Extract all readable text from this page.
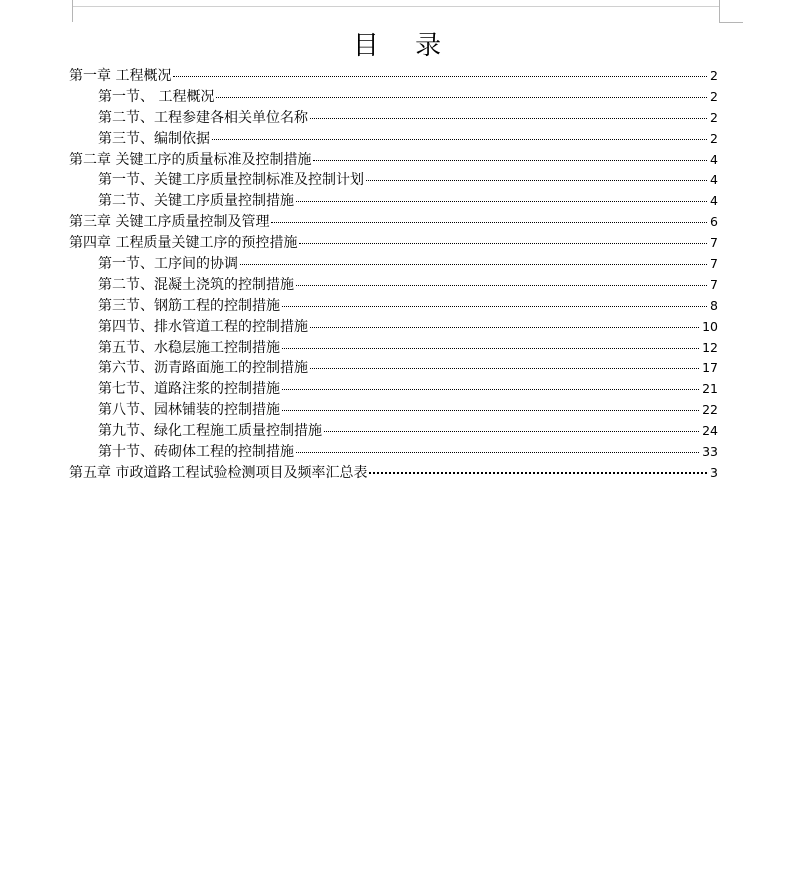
目 录
第一章 工程概况	2
第一节、 工程概况	2
第二节、工程参建各相关单位名称	2
第三节、编制依据	2
第二章 关键工序的质量标准及控制措施	4
第一节、关键工序质量控制标准及控制计划	4
第二节、关键工序质量控制措施	4
第三章 关键工序质量控制及管理	6
第四章 工程质量关键工序的预控措施	7
第一节、工序间的协调	7
第二节、混凝土浇筑的控制措施	7
第三节、钢筋工程的控制措施	8
第四节、排水管道工程的控制措施	10
第五节、水稳层施工控制措施	12
第六节、沥青路面施工的控制措施	17
第七节、道路注浆的控制措施	21
第八节、园林铺装的控制措施	22
第九节、绿化工程施工质量控制措施	24
第十节、砖砌体工程的控制措施	33
第五章 市政道路工程试验检测项目及频率汇总表	3
